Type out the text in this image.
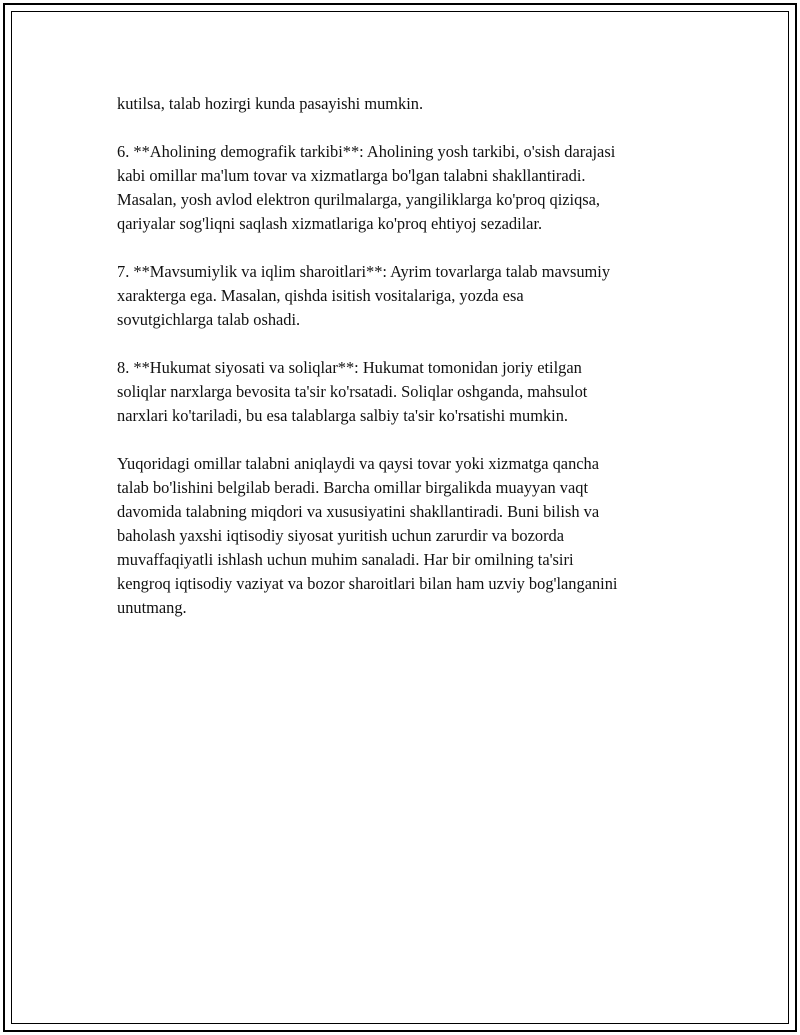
kutilsa, talab hozirgi kunda pasayishi mumkin.

6. **Aholining demografik tarkibi**: Aholining yosh tarkibi, o'sish darajasi
kabi omillar ma'lum tovar va xizmatlarga bo'lgan talabni shakllantiradi.
Masalan, yosh avlod elektron qurilmalarga, yangiliklarga ko'proq qiziqsa,
qariyalar sog'liqni saqlash xizmatlariga ko'proq ehtiyoj sezadilar.

7. **Mavsumiylik va iqlim sharoitlari**: Ayrim tovarlarga talab mavsumiy
xarakterga ega. Masalan, qishda isitish vositalariga, yozda esa
sovutgichlarga talab oshadi.

8. **Hukumat siyosati va soliqlar**: Hukumat tomonidan joriy etilgan
soliqlar narxlarga bevosita ta'sir ko'rsatadi. Soliqlar oshganda, mahsulot
narxlari ko'tariladi, bu esa talablarga salbiy ta'sir ko'rsatishi mumkin.

Yuqoridagi omillar talabni aniqlaydi va qaysi tovar yoki xizmatga qancha
talab bo'lishini belgilab beradi. Barcha omillar birgalikda muayyan vaqt
davomida talabning miqdori va xususiyatini shakllantiradi. Buni bilish va
baholash yaxshi iqtisodiy siyosat yuritish uchun zarurdir va bozorda
muvaffaqiyatli ishlash uchun muhim sanaladi. Har bir omilning ta'siri
kengroq iqtisodiy vaziyat va bozor sharoitlari bilan ham uzviy bog'langanini
unutmang.
